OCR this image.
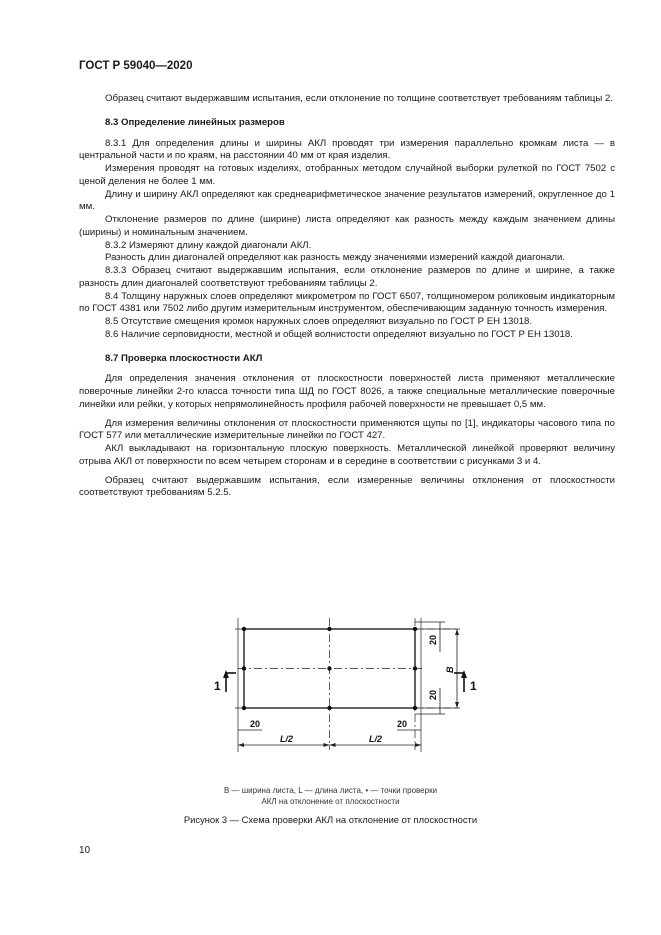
ГОСТ Р 59040—2020

Образец считают выдержавшим испытания, если отклонение по толщине соответствует требованиям таблицы 2.

8.3 Определение линейных размеров

8.3.1 Для определения длины и ширины АКЛ проводят три измерения параллельно кромкам листа — в центральной части и по краям, на расстоянии 40 мм от края изделия.

Измерения проводят на готовых изделиях, отобранных методом случайной выборки рулеткой по ГОСТ 7502 с ценой деления не более 1 мм.

Длину и ширину АКЛ определяют как среднеарифметическое значение результатов измерений, округленное до 1 мм.

Отклонение размеров по длине (ширине) листа определяют как разность между каждым значением длины (ширины) и номинальным значением.

8.3.2 Измеряют длину каждой диагонали АКЛ.

Разность длин диагоналей определяют как разность между значениями измерений каждой диагонали.

8.3.3 Образец считают выдержавшим испытания, если отклонение размеров по длине и ширине, а также разность длин диагоналей соответствуют требованиям таблицы 2.

8.4 Толщину наружных слоев определяют микрометром по ГОСТ 6507, толщиномером роликовым индикаторным по ГОСТ 4381 или 7502 либо другим измерительным инструментом, обеспечивающим заданную точность измерения.

8.5 Отсутствие смещения кромок наружных слоев определяют визуально по ГОСТ Р ЕН 13018.

8.6 Наличие серповидности, местной и общей волнистости определяют визуально по ГОСТ Р ЕН 13018.

8.7 Проверка плоскостности АКЛ

Для определения значения отклонения от плоскостности поверхностей листа применяют металлические поверочные линейки 2-го класса точности типа ШД по ГОСТ 8026, а также специальные металлические поверочные линейки или рейки, у которых непрямолинейность профиля рабочей поверхности не превышает 0,5 мм.

Для измерения величины отклонения от плоскостности применяются щупы по [1], индикаторы часового типа по ГОСТ 577 или металлические измерительные линейки по ГОСТ 427.

АКЛ выкладывают на горизонтальную плоскую поверхность. Металлической линейкой проверяют величину отрыва АКЛ от поверхности по всем четырем сторонам и в середине в соответствии с рисунками 3 и 4.

Образец считают выдержавшим испытания, если измеренные величины отклонения от плоскостности соответствуют требованиям 5.2.5.

20	20
L/2	L/2
1	1
20
20
B
B — ширина листа, L — длина листа, • — точки проверки
АКЛ на отклонение от плоскостности
Рисунок 3 — Схема проверки АКЛ на отклонение от плоскостности
10
